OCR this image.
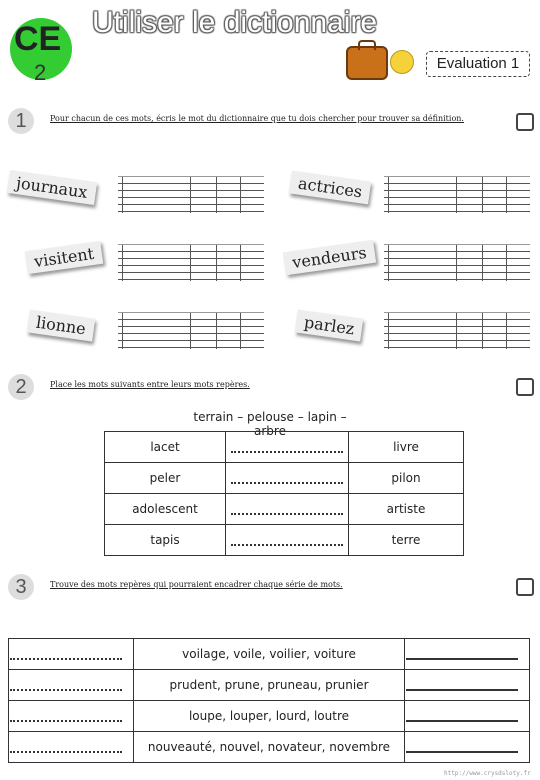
CE
2
Utiliser le dictionnaire
Evaluation 1
1	Pour chacun de ces mots, écris le mot du dictionnaire que tu dois chercher pour trouver sa définition.
journaux	actrices
visitent	vendeurs
lionne	parlez
2	Place les mots suivants entre leurs mots repères.
terrain – pelouse – lapin – arbre
lacet		livre
peler		pilon
adolescent		artiste
tapis		terre
3	Trouve des mots repères qui pourraient encadrer chaque série de mots.
	voilage, voile, voilier, voiture	
	prudent, prune, pruneau, prunier	
	loupe, louper, lourd, loutre	
	nouveauté, nouvel, novateur, novembre	
http://www.crysdsloty.fr
